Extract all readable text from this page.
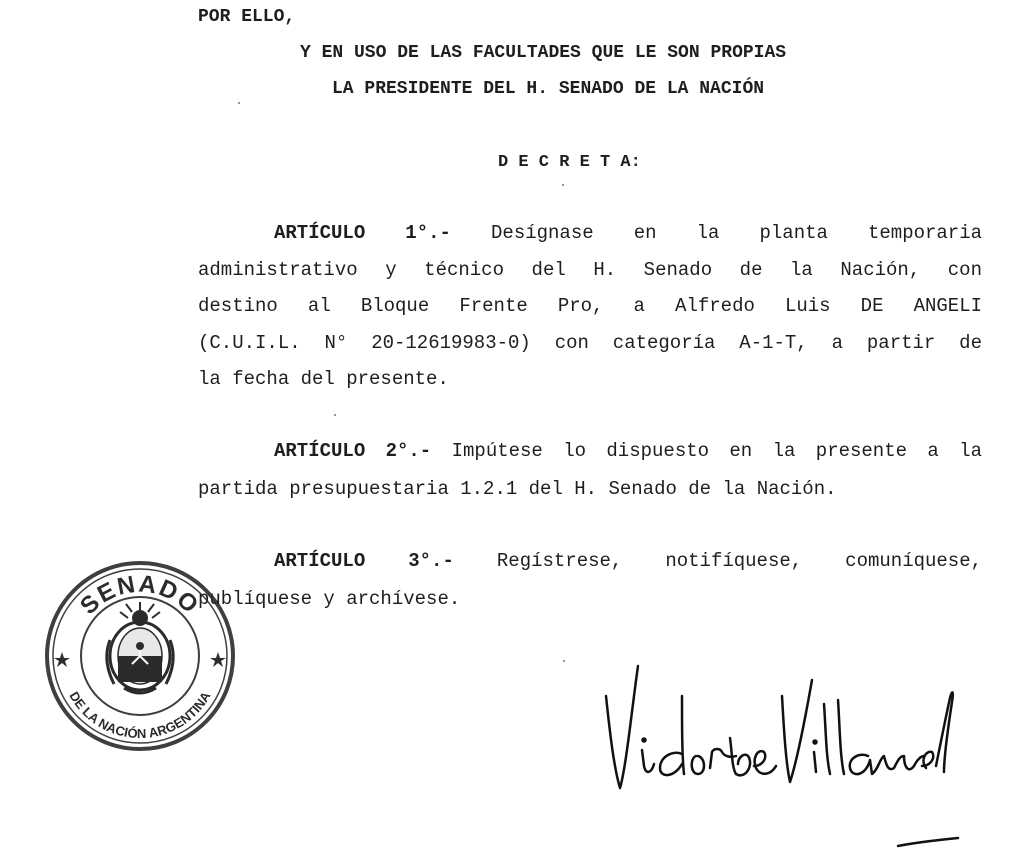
POR ELLO,
Y EN USO DE LAS FACULTADES QUE LE SON PROPIAS
LA PRESIDENTE DEL H. SENADO DE LA NACIÓN
D E C R E T A:
ARTÍCULO 1°.- Desígnase en la planta temporaria
administrativo y técnico del H. Senado de la Nación, con
destino al Bloque Frente Pro, a Alfredo Luis DE ANGELI
(C.U.I.L. N° 20-12619983-0) con categoría A-1-T, a partir de
la fecha del presente.
ARTÍCULO 2°.- Impútese lo dispuesto en la presente a la
partida presupuestaria 1.2.1 del H. Senado de la Nación.
ARTÍCULO 3°.- Regístrese, notifíquese, comuníquese,
publíquese y archívese.
SENADO
DE LA NACIÓN ARGENTINA
